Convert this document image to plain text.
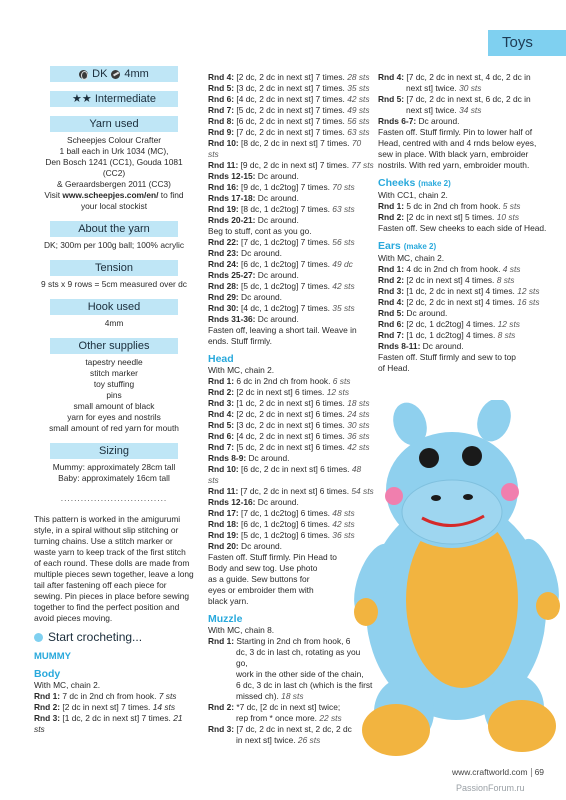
Toys
DK 4mm
★★ Intermediate
Yarn used

Scheepjes Colour Crafter

1 ball each in Urk 1034 (MC),

Den Bosch 1241 (CC1), Gouda 1081 (CC2)

& Geraardsbergen 2011 (CC3)

Visit www.scheepjes.com/en/ to find

your local stockist

About the yarn

DK; 300m per 100g ball; 100% acrylic

Tension

9 sts x 9 rows = 5cm measured over dc

Hook used

4mm

Other supplies

tapestry needle

stitch marker

toy stuffing

pins

small amount of black

yarn for eyes and nostrils

small amount of red yarn for mouth

Sizing

Mummy: approximately 28cm tall

Baby: approximately 16cm tall

................................

This pattern is worked in the amigurumi style, in a spiral without slip stitching or turning chains. Use a stitch marker or waste yarn to keep track of the first stitch of each round. These dolls are made from multiple pieces sewn together, leave a long tail after fastening off each piece for sewing. Pin pieces in place before sewing together to find the perfect position and avoid pieces moving.

Start crocheting...

MUMMY

Body

With MC, chain 2.

Rnd 1: 7 dc in 2nd ch from hook. 7 sts

Rnd 2: [2 dc in next st] 7 times. 14 sts

Rnd 3: [1 dc, 2 dc in next st] 7 times. 21 sts

Rnd 4: [2 dc, 2 dc in next st] 7 times. 28 sts

Rnd 5: [3 dc, 2 dc in next st] 7 times. 35 sts

Rnd 6: [4 dc, 2 dc in next st] 7 times. 42 sts

Rnd 7: [5 dc, 2 dc in next st] 7 times. 49 sts

Rnd 8: [6 dc, 2 dc in next st] 7 times. 56 sts

Rnd 9: [7 dc, 2 dc in next st] 7 times. 63 sts

Rnd 10: [8 dc, 2 dc in next st] 7 times. 70 sts

Rnd 11: [9 dc, 2 dc in next st] 7 times. 77 sts

Rnds 12-15: Dc around.

Rnd 16: [9 dc, 1 dc2tog] 7 times. 70 sts

Rnds 17-18: Dc around.

Rnd 19: [8 dc, 1 dc2tog] 7 times. 63 sts

Rnds 20-21: Dc around.

Beg to stuff, cont as you go.

Rnd 22: [7 dc, 1 dc2tog] 7 times. 56 sts

Rnd 23: Dc around.

Rnd 24: [6 dc, 1 dc2tog] 7 times. 49 dc

Rnds 25-27: Dc around.

Rnd 28: [5 dc, 1 dc2tog] 7 times. 42 sts

Rnd 29: Dc around.

Rnd 30: [4 dc, 1 dc2tog] 7 times. 35 sts

Rnds 31-36: Dc around.

Fasten off, leaving a short tail. Weave in

ends. Stuff firmly.

Head

With MC, chain 2.

Rnd 1: 6 dc in 2nd ch from hook. 6 sts

Rnd 2: [2 dc in next st] 6 times. 12 sts

Rnd 3: [1 dc, 2 dc in next st] 6 times. 18 sts

Rnd 4: [2 dc, 2 dc in next st] 6 times. 24 sts

Rnd 5: [3 dc, 2 dc in next st] 6 times. 30 sts

Rnd 6: [4 dc, 2 dc in next st] 6 times. 36 sts

Rnd 7: [5 dc, 2 dc in next st] 6 times. 42 sts

Rnds 8-9: Dc around.

Rnd 10: [6 dc, 2 dc in next st] 6 times. 48 sts

Rnd 11: [7 dc, 2 dc in next st] 6 times. 54 sts

Rnds 12-16: Dc around.

Rnd 17: [7 dc, 1 dc2tog] 6 times. 48 sts

Rnd 18: [6 dc, 1 dc2tog] 6 times. 42 sts

Rnd 19: [5 dc, 1 dc2tog] 6 times. 36 sts

Rnd 20: Dc around.

Fasten off. Stuff firmly. Pin Head to

Body and sew tog. Use photo

as a guide. Sew buttons for

eyes or embroider them with

black yarn.

Muzzle

With MC, chain 8.

Rnd 1: Starting in 2nd ch from hook, 6

dc, 3 dc in last ch, rotating as you go,

work in the other side of the chain,

6 dc, 3 dc in last ch (which is the first

missed ch). 18 sts

Rnd 2: *7 dc, [2 dc in next st] twice;

rep from * once more. 22 sts

Rnd 3: [7 dc, 2 dc in next st, 2 dc, 2 dc

in next st] twice. 26 sts

Rnd 4: [7 dc, 2 dc in next st, 4 dc, 2 dc in

next st] twice. 30 sts

Rnd 5: [7 dc, 2 dc in next st, 6 dc, 2 dc in

next st] twice. 34 sts

Rnds 6-7: Dc around.

Fasten off. Stuff firmly. Pin to lower half of

Head, centred with and 4 rnds below eyes,

sew in place. With black yarn, embroider

nostrils. With red yarn, embroider mouth.

Cheeks (make 2)

With CC1, chain 2.

Rnd 1: 5 dc in 2nd ch from hook. 5 sts

Rnd 2: [2 dc in next st] 5 times. 10 sts

Fasten off. Sew cheeks to each side of Head.

Ears (make 2)

With MC, chain 2.

Rnd 1: 4 dc in 2nd ch from hook. 4 sts

Rnd 2: [2 dc in next st] 4 times. 8 sts

Rnd 3: [1 dc, 2 dc in next st] 4 times. 12 sts

Rnd 4: [2 dc, 2 dc in next st] 4 times. 16 sts

Rnd 5: Dc around.

Rnd 6: [2 dc, 1 dc2tog] 4 times. 12 sts

Rnd 7: [1 dc, 1 dc2tog] 4 times. 8 sts

Rnds 8-11: Dc around.

Fasten off. Stuff firmly and sew to top

of Head.

www.craftworld.com 69
PassionForum.ru
